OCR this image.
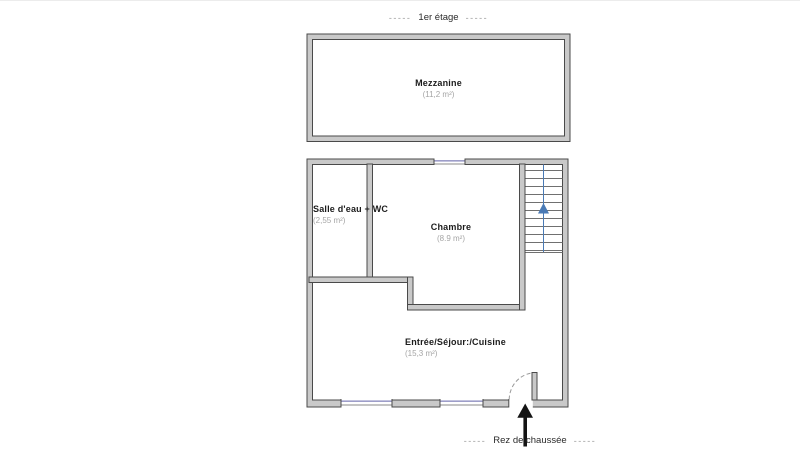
----- 1er étage -----
Mezzanine
(11,2 m²)
Salle d'eau + WC
(2,55 m²)
Chambre
(8.9 m²)
Entrée/Séjour:/Cuisine
(15,3 m²)
----- Rez de chaussée -----
